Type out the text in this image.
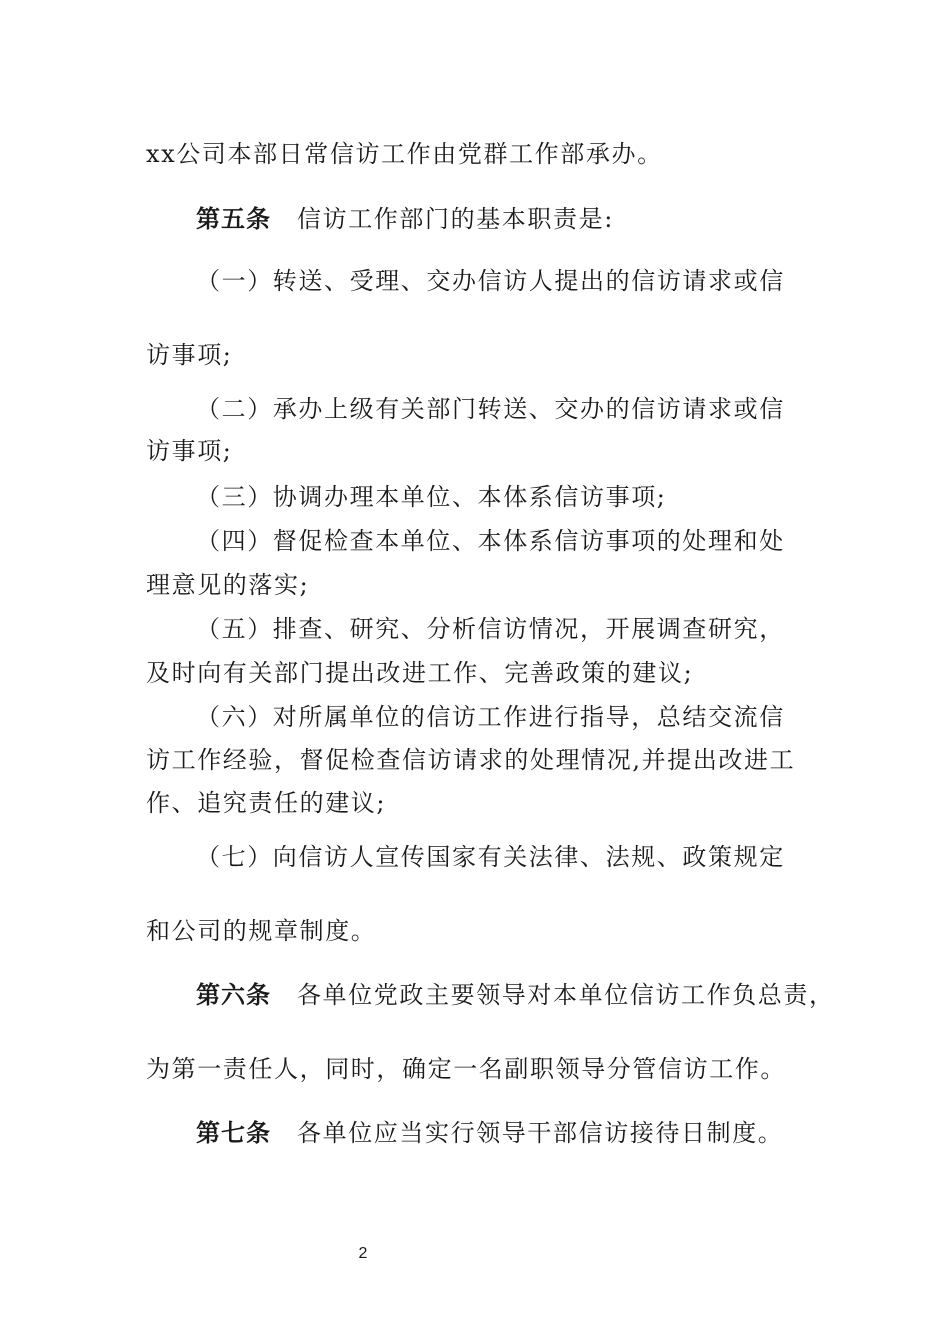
xx公司本部日常信访工作由党群工作部承办。
第五条 信访工作部门的基本职责是:
（一）转送、受理、交办信访人提出的信访请求或信
访事项;
（二）承办上级有关部门转送、交办的信访请求或信
访事项;
（三）协调办理本单位、本体系信访事项;
（四）督促检查本单位、本体系信访事项的处理和处
理意见的落实;
（五）排查、研究、分析信访情况，开展调查研究，
及时向有关部门提出改进工作、完善政策的建议;
（六）对所属单位的信访工作进行指导，总结交流信
访工作经验，督促检查信访请求的处理情况,并提出改进工
作、追究责任的建议;
（七）向信访人宣传国家有关法律、法规、政策规定
和公司的规章制度。
第六条 各单位党政主要领导对本单位信访工作负总责，
为第一责任人，同时，确定一名副职领导分管信访工作。
第七条 各单位应当实行领导干部信访接待日制度。
2
